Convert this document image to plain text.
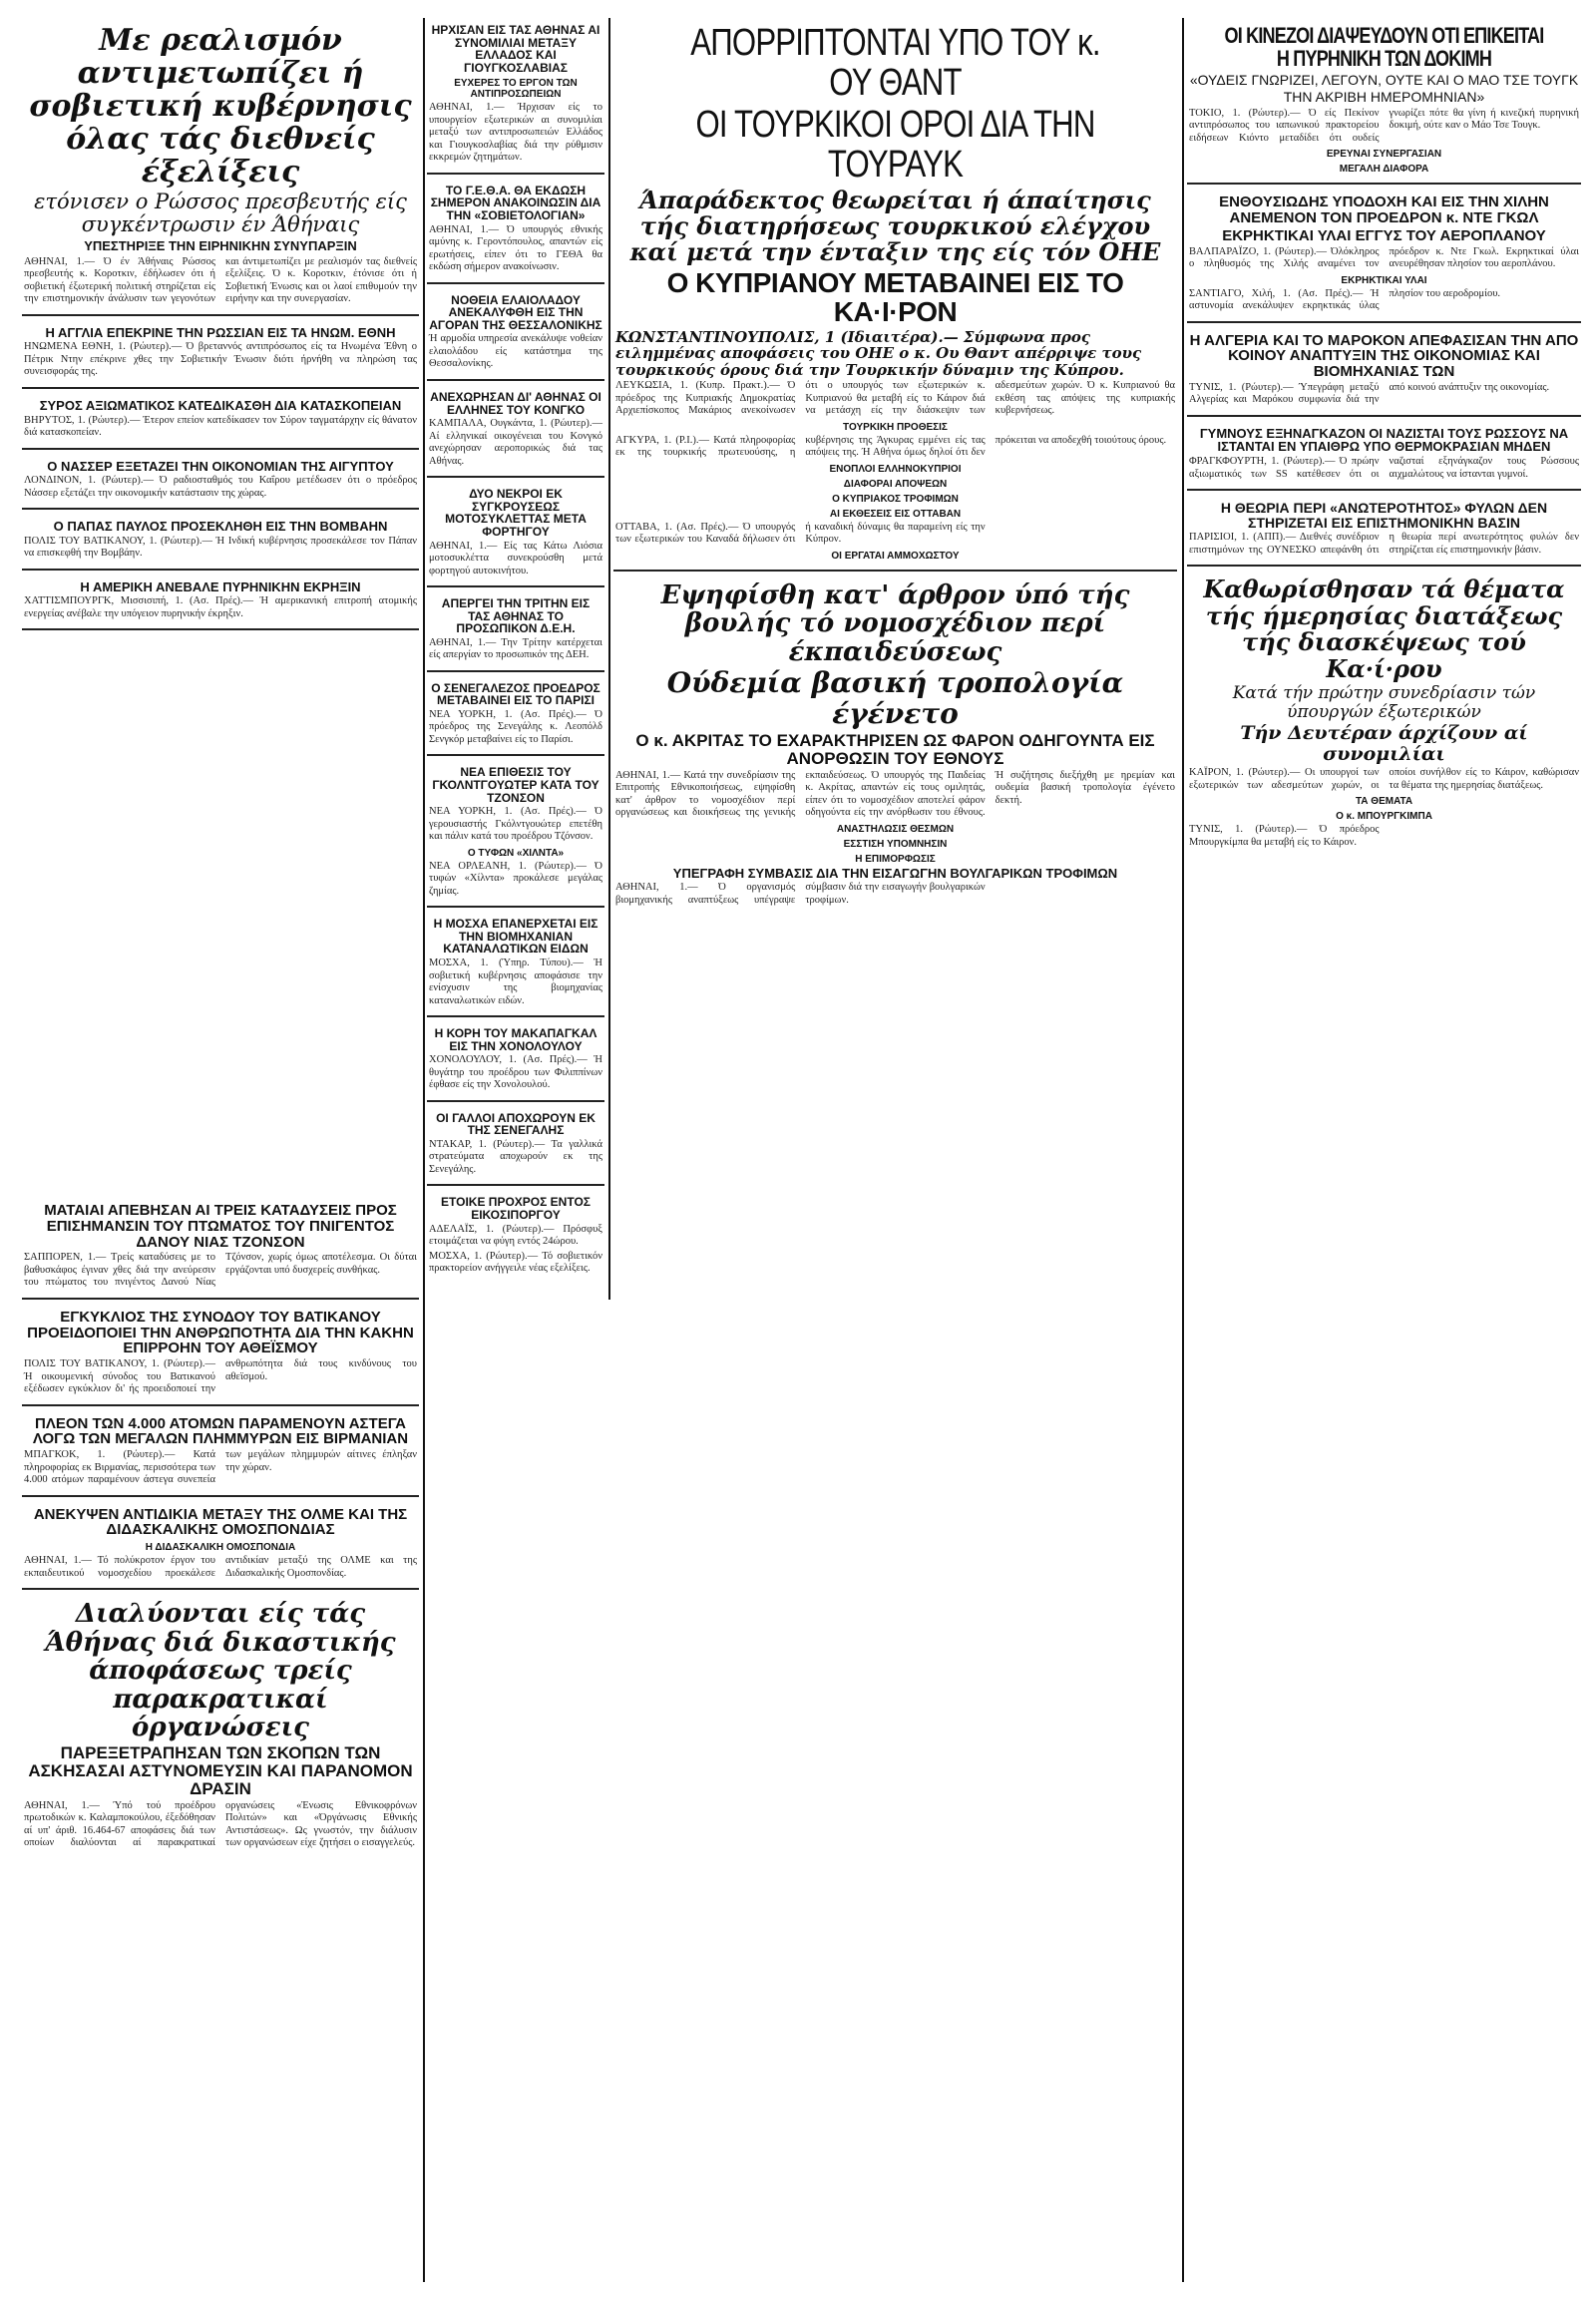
Με ρεαλισμόν αντιμετωπίζει ή σοβιετική κυβέρνησις όλας τάς διεθνείς έξελίξεις
ετόνισεν ο Ρώσσος πρεσβευτής είς συγκέντρωσιν έν Άθήναις
ΥΠΕΣΤΗΡΙΞΕ ΤΗΝ ΕΙΡΗΝΙΚΗΝ ΣΥΝΥΠΑΡΞΙΝ
ΑΘΗΝΑΙ, 1.— Ό έν Άθήναις Ρώσσος πρεσβευτής κ. Κοροτκιν, έδήλωσεν ότι ή σοβιετική έξωτερική πολιτική στηρίζεται είς την επιστημονικήν άνάλυσιν των γεγονότων και άντιμετωπίζει με ρεαλισμόν τας διεθνείς εξελίξεις. Ό κ. Κοροτκιν, έτόνισε ότι ή Σοβιετική Ένωσις και οι λαοί επιθυμούν την ειρήνην και την συνεργασίαν.
Η ΑΓΓΛΙΑ ΕΠΕΚΡΙΝΕ ΤΗΝ ΡΩΣΣΙΑΝ ΕΙΣ ΤΑ ΗΝΩΜ. ΕΘΝΗ
ΗΝΩΜΕΝΑ ΕΘΝΗ, 1. (Ρώυτερ).— Ό βρεταννός αντιπρόσωπος είς τα Ηνωμένα Έθνη ο Πέτρικ Ντην επέκρινε χθες την Σοβιετικήν Ένωσιν διότι ήρνήθη να πληρώση τας συνεισφοράς της.
ΣΥΡΟΣ ΑΞΙΩΜΑΤΙΚΟΣ ΚΑΤΕΔΙΚΑΣΘΗ ΔΙΑ ΚΑΤΑΣΚΟΠΕΙΑΝ
ΒΗΡΥΤΟΣ, 1. (Ρώυτερ).— Έτερον επείον κατεδίκασεν τον Σύρον ταγματάρχην είς θάνατον διά κατασκοπείαν.
Ο ΝΑΣΣΕΡ ΕΞΕΤΑΖΕΙ ΤΗΝ ΟΙΚΟΝΟΜΙΑΝ ΤΗΣ ΑΙΓΥΠΤΟΥ
ΛΟΝΔΙΝΟΝ, 1. (Ρώυτερ).— Ό ραδιοσταθμός του Καΐρου μετέδωσεν ότι ο πρόεδρος Νάσσερ εξετάζει την οικονομικήν κατάστασιν της χώρας.
Ο ΠΑΠΑΣ ΠΑΥΛΟΣ ΠΡΟΣΕΚΛΗΘΗ ΕΙΣ ΤΗΝ ΒΟΜΒΑΗΝ
ΠΟΛΙΣ ΤΟΥ ΒΑΤΙΚΑΝΟΥ, 1. (Ρώυτερ).— Ή Ινδική κυβέρνησις προσεκάλεσε τον Πάπαν να επισκεφθή την Βομβάην.
Η ΑΜΕΡΙΚΗ ΑΝΕΒΑΛΕ ΠΥΡΗΝΙΚΗΝ ΕΚΡΗΞΙΝ
ΧΑΤΤΙΣΜΠΟΥΡΓΚ, Μισσισιπή, 1. (Ασ. Πρές).— Ή αμερικανική επιτροπή ατομικής ενεργείας ανέβαλε την υπόγειον πυρηνικήν έκρηξιν.
ΗΡΧΙΣΑΝ ΕΙΣ ΤΑΣ ΑΘΗΝΑΣ ΑΙ ΣΥΝΟΜΙΛΙΑΙ ΜΕΤΑΞΥ ΕΛΛΑΔΟΣ ΚΑΙ ΓΙΟΥΓΚΟΣΛΑΒΙΑΣ
ΕΥΧΕΡΕΣ ΤΟ ΕΡΓΟΝ ΤΩΝ ΑΝΤΙΠΡΟΣΩΠΕΙΩΝ
ΑΘΗΝΑΙ, 1.— Ήρχισαν είς το υπουργείον εξωτερικών αι συνομιλίαι μεταξύ των αντιπροσωπειών Ελλάδος και Γιουγκοσλαβίας διά την ρύθμισιν εκκρεμών ζητημάτων.
ΤΟ Γ.Ε.Θ.Α. ΘΑ ΕΚΔΩΣΗ ΣΗΜΕΡΟΝ ΑΝΑΚΟΙΝΩΣΙΝ ΔΙΑ ΤΗΝ «ΣΟΒΙΕΤΟΛΟΓΙΑΝ»
ΑΘΗΝΑΙ, 1.— Ό υπουργός εθνικής αμύνης κ. Γεροντόπουλος, απαντών είς ερωτήσεις, είπεν ότι το ΓΕΘΑ θα εκδώση σήμερον ανακοίνωσιν.
ΝΟΘΕΙΑ ΕΛΑΙΟΛΑΔΟΥ ΑΝΕΚΑΛΥΦΘΗ ΕΙΣ ΤΗΝ ΑΓΟΡΑΝ ΤΗΣ ΘΕΣΣΑΛΟΝΙΚΗΣ
Ή αρμοδία υπηρεσία ανεκάλυψε νοθείαν ελαιολάδου είς κατάστημα της Θεσσαλονίκης.
ΑΝΕΧΩΡΗΣΑΝ ΔΙ' ΑΘΗΝΑΣ ΟΙ ΕΛΛΗΝΕΣ ΤΟΥ ΚΟΝΓΚΟ
ΚΑΜΠΑΛΑ, Ουγκάντα, 1. (Ρώυτερ).— Αί ελληνικαί οικογένειαι του Κονγκό ανεχώρησαν αεροπορικώς διά τας Αθήνας.
ΔΥΟ ΝΕΚΡΟΙ ΕΚ ΣΥΓΚΡΟΥΣΕΩΣ ΜΟΤΟΣΥΚΛΕΤΤΑΣ ΜΕΤΑ ΦΟΡΤΗΓΟΥ
ΑΘΗΝΑΙ, 1.— Είς τας Κάτω Λιόσια μοτοσυκλέττα συνεκρούσθη μετά φορτηγού αυτοκινήτου.
ΑΠΕΡΓΕΙ ΤΗΝ ΤΡΙΤΗΝ ΕΙΣ ΤΑΣ ΑΘΗΝΑΣ ΤΟ ΠΡΟΣΩΠΙΚΟΝ Δ.Ε.Η.
ΑΘΗΝΑΙ, 1.— Την Τρίτην κατέρχεται είς απεργίαν το προσωπικόν της ΔΕΗ.
Ο ΣΕΝΕΓΑΛΕΖΟΣ ΠΡΟΕΔΡΟΣ ΜΕΤΑΒΑΙΝΕΙ ΕΙΣ ΤΟ ΠΑΡΙΣΙ
ΝΕΑ ΥΟΡΚΗ, 1. (Ασ. Πρές).— Ό πρόεδρος της Σενεγάλης κ. Λεοπόλδ Σενγκόρ μεταβαίνει είς το Παρίσι.
ΝΕΑ ΕΠΙΘΕΣΙΣ ΤΟΥ ΓΚΟΛΝΤΓΟΥΩΤΕΡ ΚΑΤΑ ΤΟΥ ΤΖΟΝΣΟΝ
ΝΕΑ ΥΟΡΚΗ, 1. (Ασ. Πρές).— Ό γερουσιαστής Γκόλντγουώτερ επετέθη και πάλιν κατά του προέδρου Τζόνσον.
Ο ΤΥΦΩΝ «ΧΙΛΝΤΑ»
ΝΕΑ ΟΡΛΕΑΝΗ, 1. (Ρώυτερ).— Ό τυφών «Χίλντα» προκάλεσε μεγάλας ζημίας.
Η ΜΟΣΧΑ ΕΠΑΝΕΡΧΕΤΑΙ ΕΙΣ ΤΗΝ ΒΙΟΜΗΧΑΝΙΑΝ ΚΑΤΑΝΑΛΩΤΙΚΩΝ ΕΙΔΩΝ
ΜΟΣΧΑ, 1. (Ύπηρ. Τύπου).— Ή σοβιετική κυβέρνησις αποφάσισε την ενίσχυσιν της βιομηχανίας καταναλωτικών ειδών.
Η ΚΟΡΗ ΤΟΥ ΜΑΚΑΠΑΓΚΑΛ ΕΙΣ ΤΗΝ ΧΟΝΟΛΟΥΛΟΥ
ΧΟΝΟΛΟΥΛΟΥ, 1. (Ασ. Πρές).— Ή θυγάτηρ του προέδρου των Φιλιππίνων έφθασε είς την Χονολουλού.
ΟΙ ΓΑΛΛΟΙ ΑΠΟΧΩΡΟΥΝ ΕΚ ΤΗΣ ΣΕΝΕΓΑΛΗΣ
ΝΤΑΚΑΡ, 1. (Ρώυτερ).— Τα γαλλικά στρατεύματα αποχωρούν εκ της Σενεγάλης.
ΕΤΟΙΚΕ ΠΡΟΧΡΟΣ ΕΝΤΟΣ ΕΙΚΟΣΙΠΟΡΓΟΥ
ΑΔΕΛΑΪΣ, 1. (Ρώυτερ).— Πρόσφυξ ετοιμάζεται να φύγη εντός 24ώρου.
ΜΟΣΧΑ, 1. (Ρώυτερ).— Τό σοβιετικόν πρακτορείον ανήγγειλε νέας εξελίξεις.
ΜΑΤΑΙΑΙ ΑΠΕΒΗΣΑΝ ΑΙ ΤΡΕΙΣ ΚΑΤΑΔΥΣΕΙΣ ΠΡΟΣ ΕΠΙΣΗΜΑΝΣΙΝ ΤΟΥ ΠΤΩΜΑΤΟΣ ΤΟΥ ΠΝΙΓΕΝΤΟΣ ΔΑΝΟΥ ΝΙΑΣ ΤΖΟΝΣΟΝ
ΣΑΠΠΟΡΕΝ, 1.— Τρείς καταδύσεις με το βαθυσκάφος έγιναν χθες διά την ανεύρεσιν του πτώματος του πνιγέντος Δανού Νίας Τζόνσον, χωρίς όμως αποτέλεσμα. Οι δύται εργάζονται υπό δυσχερείς συνθήκας.
ΕΓΚΥΚΛΙΟΣ ΤΗΣ ΣΥΝΟΔΟΥ ΤΟΥ ΒΑΤΙΚΑΝΟΥ ΠΡΟΕΙΔΟΠΟΙΕΙ ΤΗΝ ΑΝΘΡΩΠΟΤΗΤΑ ΔΙΑ ΤΗΝ ΚΑΚΗΝ ΕΠΙΡΡΟΗΝ ΤΟΥ ΑΘΕΪΣΜΟΥ
ΠΟΛΙΣ ΤΟΥ ΒΑΤΙΚΑΝΟΥ, 1. (Ρώυτερ).— Ή οικουμενική σύνοδος του Βατικανού εξέδωσεν εγκύκλιον δι' ής προειδοποιεί την ανθρωπότητα διά τους κινδύνους του αθεϊσμού.
ΠΛΕΟΝ ΤΩΝ 4.000 ΑΤΟΜΩΝ ΠΑΡΑΜΕΝΟΥΝ ΑΣΤΕΓΑ ΛΟΓΩ ΤΩΝ ΜΕΓΑΛΩΝ ΠΛΗΜΜΥΡΩΝ ΕΙΣ ΒΙΡΜΑΝΙΑΝ
ΜΠΑΓΚΟΚ, 1. (Ρώυτερ).— Κατά πληροφορίας εκ Βιρμανίας, περισσότερα των 4.000 ατόμων παραμένουν άστεγα συνεπεία των μεγάλων πλημμυρών αίτινες έπληξαν την χώραν.
ΑΝΕΚΥΨΕΝ ΑΝΤΙΔΙΚΙΑ ΜΕΤΑΞΥ ΤΗΣ ΟΛΜΕ ΚΑΙ ΤΗΣ ΔΙΔΑΣΚΑΛΙΚΗΣ ΟΜΟΣΠΟΝΔΙΑΣ
Η ΔΙΔΑΣΚΑΛΙΚΗ ΟΜΟΣΠΟΝΔΙΑ
ΑΘΗΝΑΙ, 1.— Τό πολύκροτον έργον του εκπαιδευτικού νομοσχεδίου προεκάλεσε αντιδικίαν μεταξύ της ΟΛΜΕ και της Διδασκαλικής Ομοσπονδίας.
Διαλύονται είς τάς Άθήνας διά δικαστικής άποφάσεως τρείς παρακρατικαί όργανώσεις
ΠΑΡΕΞΕΤΡΑΠΗΣΑΝ ΤΩΝ ΣΚΟΠΩΝ ΤΩΝ ΑΣΚΗΣΑΣΑΙ ΑΣΤΥΝΟΜΕΥΣΙΝ ΚΑΙ ΠΑΡΑΝΟΜΟΝ ΔΡΑΣΙΝ
ΑΘΗΝΑΙ, 1.— Ύπό τού προέδρου πρωτοδικών κ. Καλαμποκούλου, έξεδόθησαν αί υπ' άριθ. 16.464-67 αποφάσεις διά των οποίων διαλύονται αί παρακρατικαί οργανώσεις «Ένωσις Εθνικοφρόνων Πολιτών» και «Όργάνωσις Εθνικής Αντιστάσεως». Ως γνωστόν, την διάλυσιν των οργανώσεων είχε ζητήσει ο εισαγγελεύς.
ΑΠΟΡΡΙΠΤΟΝΤΑΙ ΥΠΟ ΤΟΥ κ. ΟΥ ΘΑΝΤ
ΟΙ ΤΟΥΡΚΙΚΟΙ ΟΡΟΙ ΔΙΑ ΤΗΝ ΤΟΥΡΑΥΚ
Άπαράδεκτος θεωρείται ή άπαίτησις τής διατηρήσεως τουρκικού ελέγχου καί μετά την ένταξιν της είς τόν ΟΗΕ
Ο ΚΥΠΡΙΑΝΟΥ ΜΕΤΑΒΑΙΝΕΙ ΕΙΣ ΤΟ ΚΑ·Ι·ΡΟΝ
ΚΩΝΣΤΑΝΤΙΝΟΥΠΟΛΙΣ, 1 (Ιδιαιτέρα).— Σύμφωνα προς ειλημμένας αποφάσεις του ΟΗΕ ο κ. Ου Θαντ απέρριψε τους τουρκικούς όρους διά την Τουρκικήν δύναμιν της Κύπρου.
ΛΕΥΚΩΣΙΑ, 1. (Κυπρ. Πρακτ.).— Ό πρόεδρος της Κυπριακής Δημοκρατίας Αρχιεπίσκοπος Μακάριος ανεκοίνωσεν ότι ο υπουργός των εξωτερικών κ. Κυπριανού θα μεταβή είς το Κάιρον διά να μετάσχη είς την διάσκεψιν των αδεσμεύτων χωρών. Ό κ. Κυπριανού θα εκθέση τας απόψεις της κυπριακής κυβερνήσεως.
ΤΟΥΡΚΙΚΗ ΠΡΟΘΕΣΙΣ
ΑΓΚΥΡΑ, 1. (Ρ.Ι.).— Κατά πληροφορίας εκ της τουρκικής πρωτευούσης, η κυβέρνησις της Άγκυρας εμμένει είς τας απόψεις της. Ή Αθήνα όμως δηλοί ότι δεν πρόκειται να αποδεχθή τοιούτους όρους.
ΕΝΟΠΛΟΙ ΕΛΛΗΝΟΚΥΠΡΙΟΙ
ΔΙΑΦΟΡΑΙ ΑΠΟΨΕΩΝ
Ο ΚΥΠΡΙΑΚΟΣ ΤΡΟΦΙΜΩΝ
ΑΙ ΕΚΘΕΣΕΙΣ ΕΙΣ ΟΤΤΑΒΑΝ
ΟΤΤΑΒΑ, 1. (Ασ. Πρές).— Ό υπουργός των εξωτερικών του Καναδά δήλωσεν ότι ή καναδική δύναμις θα παραμείνη είς την Κύπρον.
ΟΙ ΕΡΓΑΤΑΙ ΑΜΜΟΧΩΣΤΟΥ
Εψηφίσθη κατ' άρθρον ύπό τής βουλής τό νομοσχέδιον περί έκπαιδεύσεως
Ούδεμία βασική τροπολογία έγένετο
Ο κ. ΑΚΡΙΤΑΣ ΤΟ ΕΧΑΡΑΚΤΗΡΙΣΕΝ ΩΣ ΦΑΡΟΝ ΟΔΗΓΟΥΝΤΑ ΕΙΣ ΑΝΟΡΘΩΣΙΝ ΤΟΥ ΕΘΝΟΥΣ
ΑΘΗΝΑΙ, 1.— Κατά την συνεδρίασιν της Επιτροπής Εθνικοποιήσεως, εψηφίσθη κατ' άρθρον το νομοσχέδιον περί οργανώσεως και διοικήσεως της γενικής εκπαιδεύσεως. Ό υπουργός της Παιδείας κ. Ακρίτας, απαντών είς τους ομιλητάς, είπεν ότι το νομοσχέδιον αποτελεί φάρον οδηγούντα είς την ανόρθωσιν του έθνους. Ή συζήτησις διεξήχθη με ηρεμίαν και ουδεμία βασική τροπολογία έγένετο δεκτή.
ΑΝΑΣΤΗΛΩΣΙΣ ΘΕΣΜΩΝ
ΕΣΣΤΙΣΗ ΥΠΟΜΝΗΣΙΝ
Η ΕΠΙΜΟΡΦΩΣΙΣ
ΥΠΕΓΡΑΦΗ ΣΥΜΒΑΣΙΣ ΔΙΑ ΤΗΝ ΕΙΣΑΓΩΓΗΝ ΒΟΥΛΓΑΡΙΚΩΝ ΤΡΟΦΙΜΩΝ
ΑΘΗΝΑΙ, 1.— Ό οργανισμός βιομηχανικής αναπτύξεως υπέγραψε σύμβασιν διά την εισαγωγήν βουλγαρικών τροφίμων.
ΟΙ ΚΙΝΕΖΟΙ ΔΙΑΨΕΥΔΟΥΝ ΟΤΙ ΕΠΙΚΕΙΤΑΙ Η ΠΥΡΗΝΙΚΗ ΤΩΝ ΔΟΚΙΜΗ
«ΟΥΔΕΙΣ ΓΝΩΡΙΖΕΙ, ΛΕΓΟΥΝ, ΟΥΤΕ ΚΑΙ Ο ΜΑΟ ΤΣΕ ΤΟΥΓΚ ΤΗΝ ΑΚΡΙΒΗ ΗΜΕΡΟΜΗΝΙΑΝ»
ΤΟΚΙΟ, 1. (Ρώυτερ).— Ό είς Πεκίνον αντιπρόσωπος του ιαπωνικού πρακτορείου ειδήσεων Κιόντο μεταδίδει ότι ουδείς γνωρίζει πότε θα γίνη ή κινεζική πυρηνική δοκιμή, ούτε καν ο Μάο Τσε Τουγκ.
ΕΡΕΥΝΑΙ ΣΥΝΕΡΓΑΣΙΑΝ
ΜΕΓΑΛΗ ΔΙΑΦΟΡΑ
ΕΝΘΟΥΣΙΩΔΗΣ ΥΠΟΔΟΧΗ ΚΑΙ ΕΙΣ ΤΗΝ ΧΙΛΗΝ ΑΝΕΜΕΝΟΝ ΤΟΝ ΠΡΟΕΔΡΟΝ κ. ΝΤΕ ΓΚΩΛ
ΕΚΡΗΚΤΙΚΑΙ ΥΛΑΙ ΕΓΓΥΣ ΤΟΥ ΑΕΡΟΠΛΑΝΟΥ
ΒΑΛΠΑΡΑΪΖΟ, 1. (Ρώυτερ).— Όλόκληρος ο πληθυσμός της Χιλής αναμένει τον πρόεδρον κ. Ντε Γκωλ. Εκρηκτικαί ύλαι ανευρέθησαν πλησίον του αεροπλάνου.
ΕΚΡΗΚΤΙΚΑΙ ΥΛΑΙ
ΣΑΝΤΙΑΓΟ, Χιλή, 1. (Ασ. Πρές).— Ή αστυνομία ανεκάλυψεν εκρηκτικάς ύλας πλησίον του αεροδρομίου.
Η ΑΛΓΕΡΙΑ ΚΑΙ ΤΟ ΜΑΡΟΚΟΝ ΑΠΕΦΑΣΙΣΑΝ ΤΗΝ ΑΠΟ ΚΟΙΝΟΥ ΑΝΑΠΤΥΞΙΝ ΤΗΣ ΟΙΚΟΝΟΜΙΑΣ ΚΑΙ ΒΙΟΜΗΧΑΝΙΑΣ ΤΩΝ
ΤΥΝΙΣ, 1. (Ρώυτερ).— Ύπεγράφη μεταξύ Αλγερίας και Μαρόκου συμφωνία διά την από κοινού ανάπτυξιν της οικονομίας.
ΓΥΜΝΟΥΣ ΕΞΗΝΑΓΚΑΖΟΝ ΟΙ ΝΑΖΙΣΤΑΙ ΤΟΥΣ ΡΩΣΣΟΥΣ ΝΑ ΙΣΤΑΝΤΑΙ ΕΝ ΥΠΑΙΘΡΩ ΥΠΟ ΘΕΡΜΟΚΡΑΣΙΑΝ ΜΗΔΕΝ
ΦΡΑΓΚΦΟΥΡΤΗ, 1. (Ρώυτερ).— Ό πρώην αξιωματικός των SS κατέθεσεν ότι οι ναζισταί εξηνάγκαζον τους Ρώσσους αιχμαλώτους να ίστανται γυμνοί.
Η ΘΕΩΡΙΑ ΠΕΡΙ «ΑΝΩΤΕΡΟΤΗΤΟΣ» ΦΥΛΩΝ ΔΕΝ ΣΤΗΡΙΖΕΤΑΙ ΕΙΣ ΕΠΙΣΤΗΜΟΝΙΚΗΝ ΒΑΣΙΝ
ΠΑΡΙΣΙΟΙ, 1. (ΑΠΠ).— Διεθνές συνέδριον επιστημόνων της ΟΥΝΕΣΚΟ απεφάνθη ότι η θεωρία περί ανωτερότητος φυλών δεν στηρίζεται είς επιστημονικήν βάσιν.
Καθωρίσθησαν τά θέματα τής ήμερησίας διατάξεως τής διασκέψεως τού Κα·ί·ρου
Κατά τήν πρώτην συνεδρίασιν τών ύπουργών έξωτερικών
Τήν Δευτέραν άρχίζουν αί συνομιλίαι
ΚΑΪΡΟΝ, 1. (Ρώυτερ).— Οι υπουργοί των εξωτερικών των αδεσμεύτων χωρών, οι οποίοι συνήλθον είς το Κάιρον, καθώρισαν τα θέματα της ημερησίας διατάξεως.
ΤΑ ΘΕΜΑΤΑ
Ο κ. ΜΠΟΥΡΓΚΙΜΠΑ
ΤΥΝΙΣ, 1. (Ρώυτερ).— Ό πρόεδρος Μπουργκίμπα θα μεταβή είς το Κάιρον.
